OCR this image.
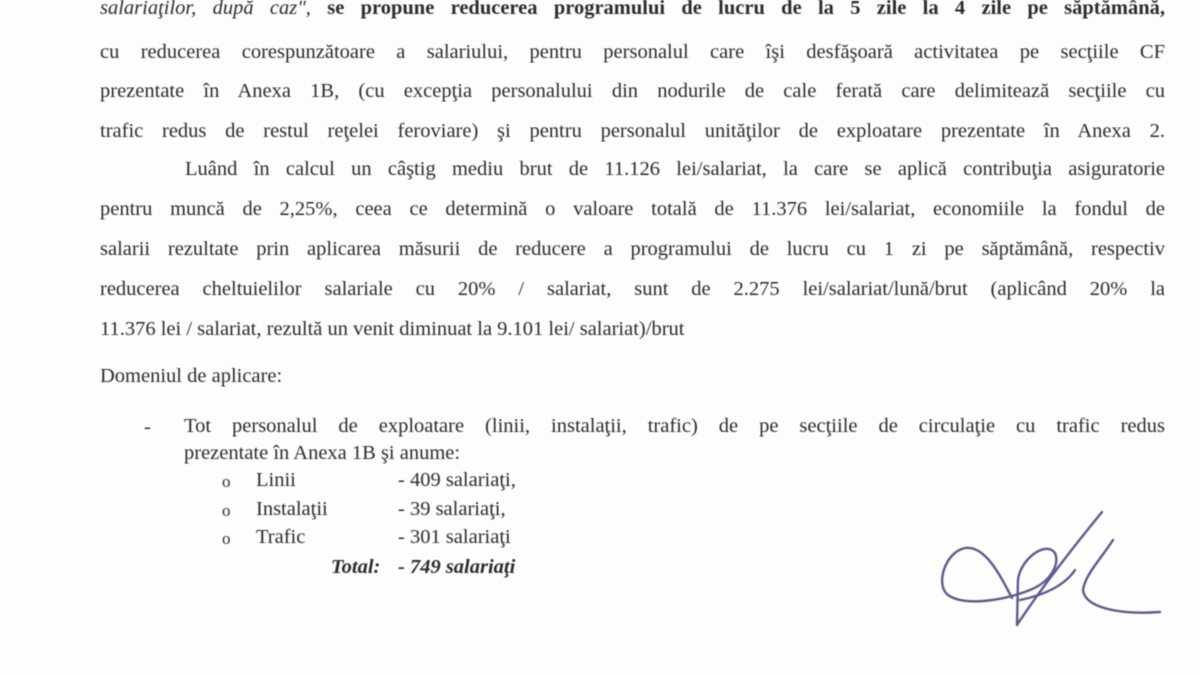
salariaţilor, după caz", se propune reducerea programului de lucru de la 5 zile la 4 zile pe săptămână,
cu reducerea corespunzătoare a salariului, pentru personalul care îşi desfăşoară activitatea pe secţiile CF
prezentate în Anexa 1B, (cu excepţia personalului din nodurile de cale ferată care delimitează secţiile cu
trafic redus de restul reţelei feroviare) şi pentru personalul unităţilor de exploatare prezentate în Anexa 2.
Luând în calcul un câştig mediu brut de 11.126 lei/salariat, la care se aplică contribuţia asiguratorie
pentru muncă de 2,25%, ceea ce determină o valoare totală de 11.376 lei/salariat, economiile la fondul de
salarii rezultate prin aplicarea măsurii de reducere a programului de lucru cu 1 zi pe săptămână, respectiv
reducerea cheltuielilor salariale cu 20% / salariat, sunt de 2.275 lei/salariat/lună/brut (aplicând 20% la
11.376 lei / salariat, rezultă un venit diminuat la 9.101 lei/ salariat)/brut
Domeniul de aplicare:
- Tot personalul de exploatare (linii, instalaţii, trafic) de pe secţiile de circulaţie cu trafic redus
prezentate în Anexa 1B şi anume:
o Linii	- 409 salariaţi,
o Instalaţii	- 39 salariaţi,
o Trafic	- 301 salariaţi
Total: - 749 salariaţi
